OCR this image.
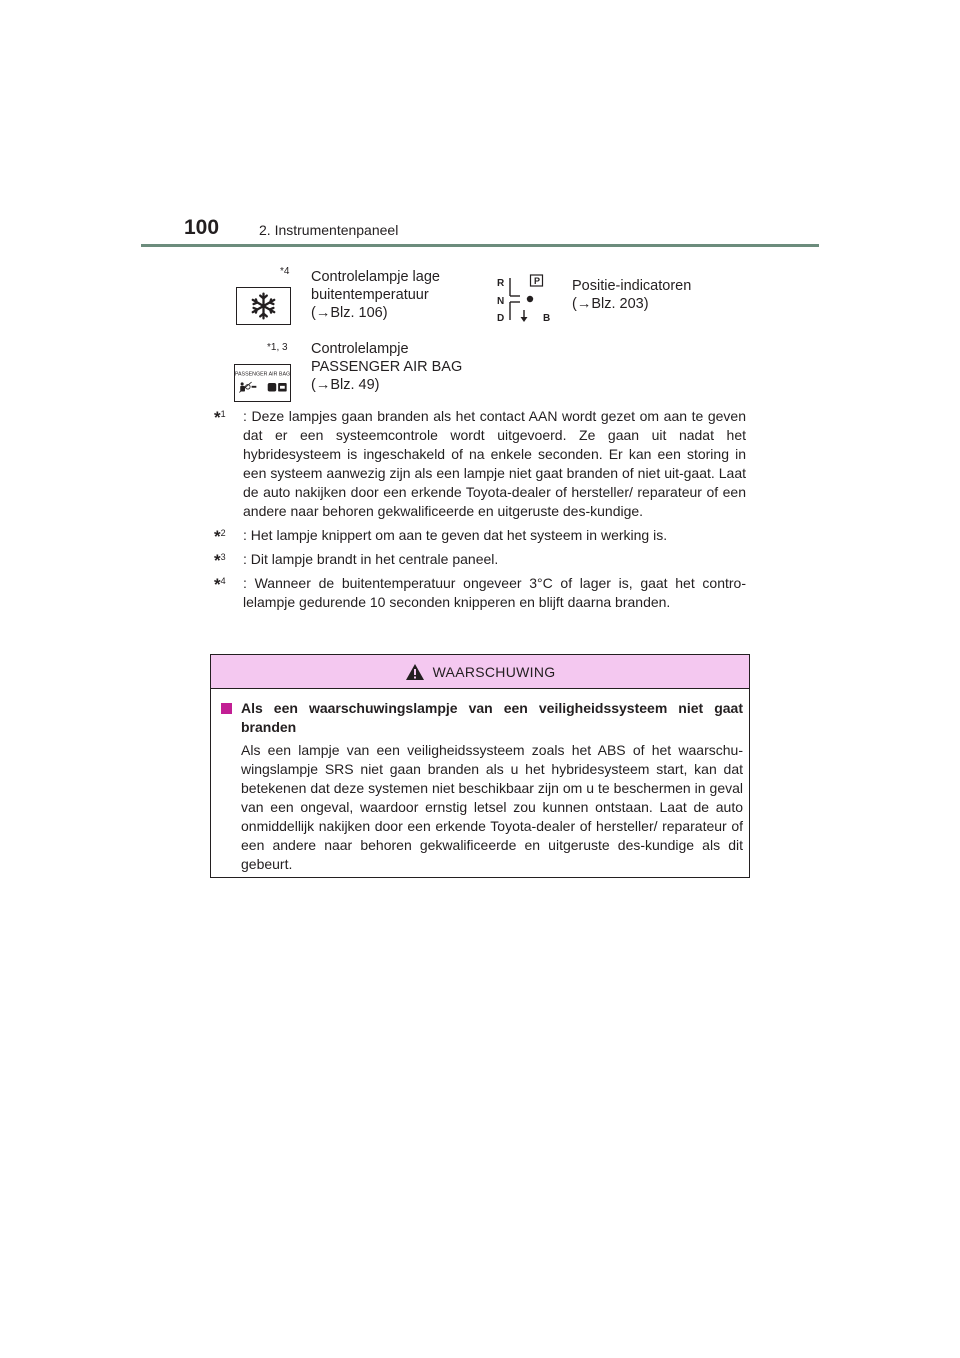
100	2. Instrumentenpaneel
*4 Controlelampje lage
buitentemperatuur
(→Blz. 106)
R
N
D	B
P Positie-indicatoren
(→Blz. 203)
*1, 3
PASSENGER AIR BAG
Controlelampje
PASSENGER AIR BAG
(→Blz. 49)
*$^1$ : Deze lampjes gaan branden als het contact AAN wordt gezet om aan te geven dat er een systeemcontrole wordt uitgevoerd. Ze gaan uit nadat het hybridesysteem is ingeschakeld of na enkele seconden. Er kan een storing in een systeem aanwezig zijn als een lampje niet gaat branden of niet uit-gaat. Laat de auto nakijken door een erkende Toyota-dealer of hersteller/ reparateur of een andere naar behoren gekwalificeerde en uitgeruste des-kundige.
*$^2$ : Het lampje knippert om aan te geven dat het systeem in werking is.
*$^3$ : Dit lampje brandt in het centrale paneel.
*$^4$ : Wanneer de buitentemperatuur ongeveer 3°C of lager is, gaat het contro-lelampje gedurende 10 seconden knipperen en blijft daarna branden.
WAARSCHUWING
Als een waarschuwingslampje van een veiligheidssysteem niet gaat branden
Als een lampje van een veiligheidssysteem zoals het ABS of het waarschu-wingslampje SRS niet gaan branden als u het hybridesysteem start, kan dat betekenen dat deze systemen niet beschikbaar zijn om u te beschermen in geval van een ongeval, waardoor ernstig letsel zou kunnen ontstaan. Laat de auto onmiddellijk nakijken door een erkende Toyota-dealer of hersteller/ reparateur of een andere naar behoren gekwalificeerde en uitgeruste des-kundige als dit gebeurt.
